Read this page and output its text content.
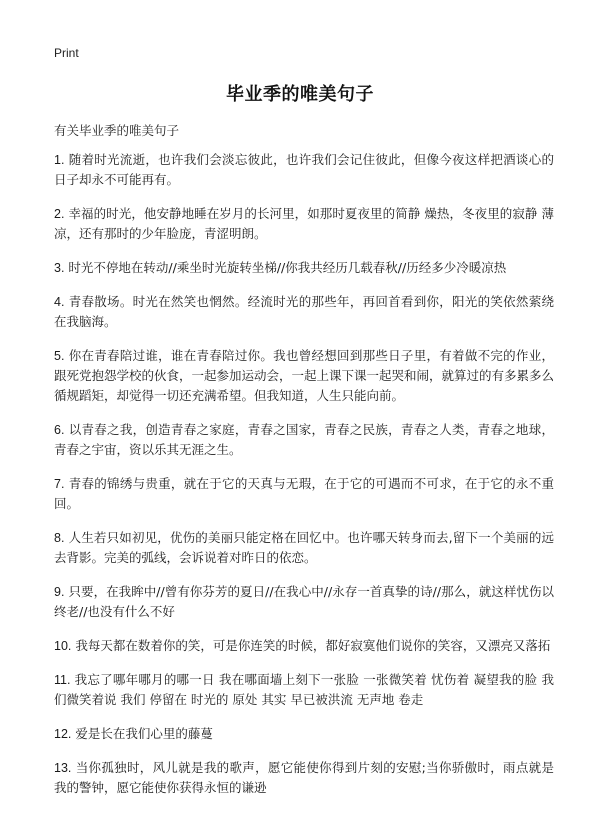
Print
毕业季的唯美句子
有关毕业季的唯美句子
1. 随着时光流逝，也许我们会淡忘彼此，也许我们会记住彼此，但像今夜这样把酒谈心的日子却永不可能再有。
2. 幸福的时光，他安静地睡在岁月的长河里，如那时夏夜里的简静 燥热，冬夜里的寂静 薄凉，还有那时的少年脸庞，青涩明朗。
3. 时光不停地在转动//乘坐时光旋转坐梯//你我共经历几载春秋//历经多少冷暖凉热
4. 青春散场。时光在然笑也惘然。经流时光的那些年，再回首看到你，阳光的笑依然萦绕在我脑海。
5. 你在青春陪过谁，谁在青春陪过你。我也曾经想回到那些日子里，有着做不完的作业，跟死党抱怨学校的伙食，一起参加运动会，一起上课下课一起哭和闹，就算过的有多累多么循规蹈矩，却觉得一切还充满希望。但我知道，人生只能向前。
6. 以青春之我，创造青春之家庭，青春之国家，青春之民族，青春之人类，青春之地球，青春之宇宙，资以乐其无涯之生。
7. 青春的锦绣与贵重，就在于它的天真与无瑕，在于它的可遇而不可求，在于它的永不重回。
8. 人生若只如初见，优伤的美丽只能定格在回忆中。也许哪天转身而去,留下一个美丽的远去背影。完美的弧线，会诉说着对昨日的依恋。
9. 只要，在我眸中//曾有你芬芳的夏日//在我心中//永存一首真挚的诗//那么，就这样忧伤以终老//也没有什么不好
10. 我每天都在数着你的笑，可是你连笑的时候，都好寂寞他们说你的笑容，又漂亮又落拓
11. 我忘了哪年哪月的哪一日 我在哪面墙上刻下一张脸 一张微笑着 忧伤着 凝望我的脸 我们微笑着说 我们 停留在 时光的 原处 其实 早已被洪流 无声地 卷走
12. 爱是长在我们心里的藤蔓
13. 当你孤独时，风儿就是我的歌声，愿它能使你得到片刻的安慰;当你骄傲时，雨点就是我的警钟，愿它能使你获得永恒的谦逊
